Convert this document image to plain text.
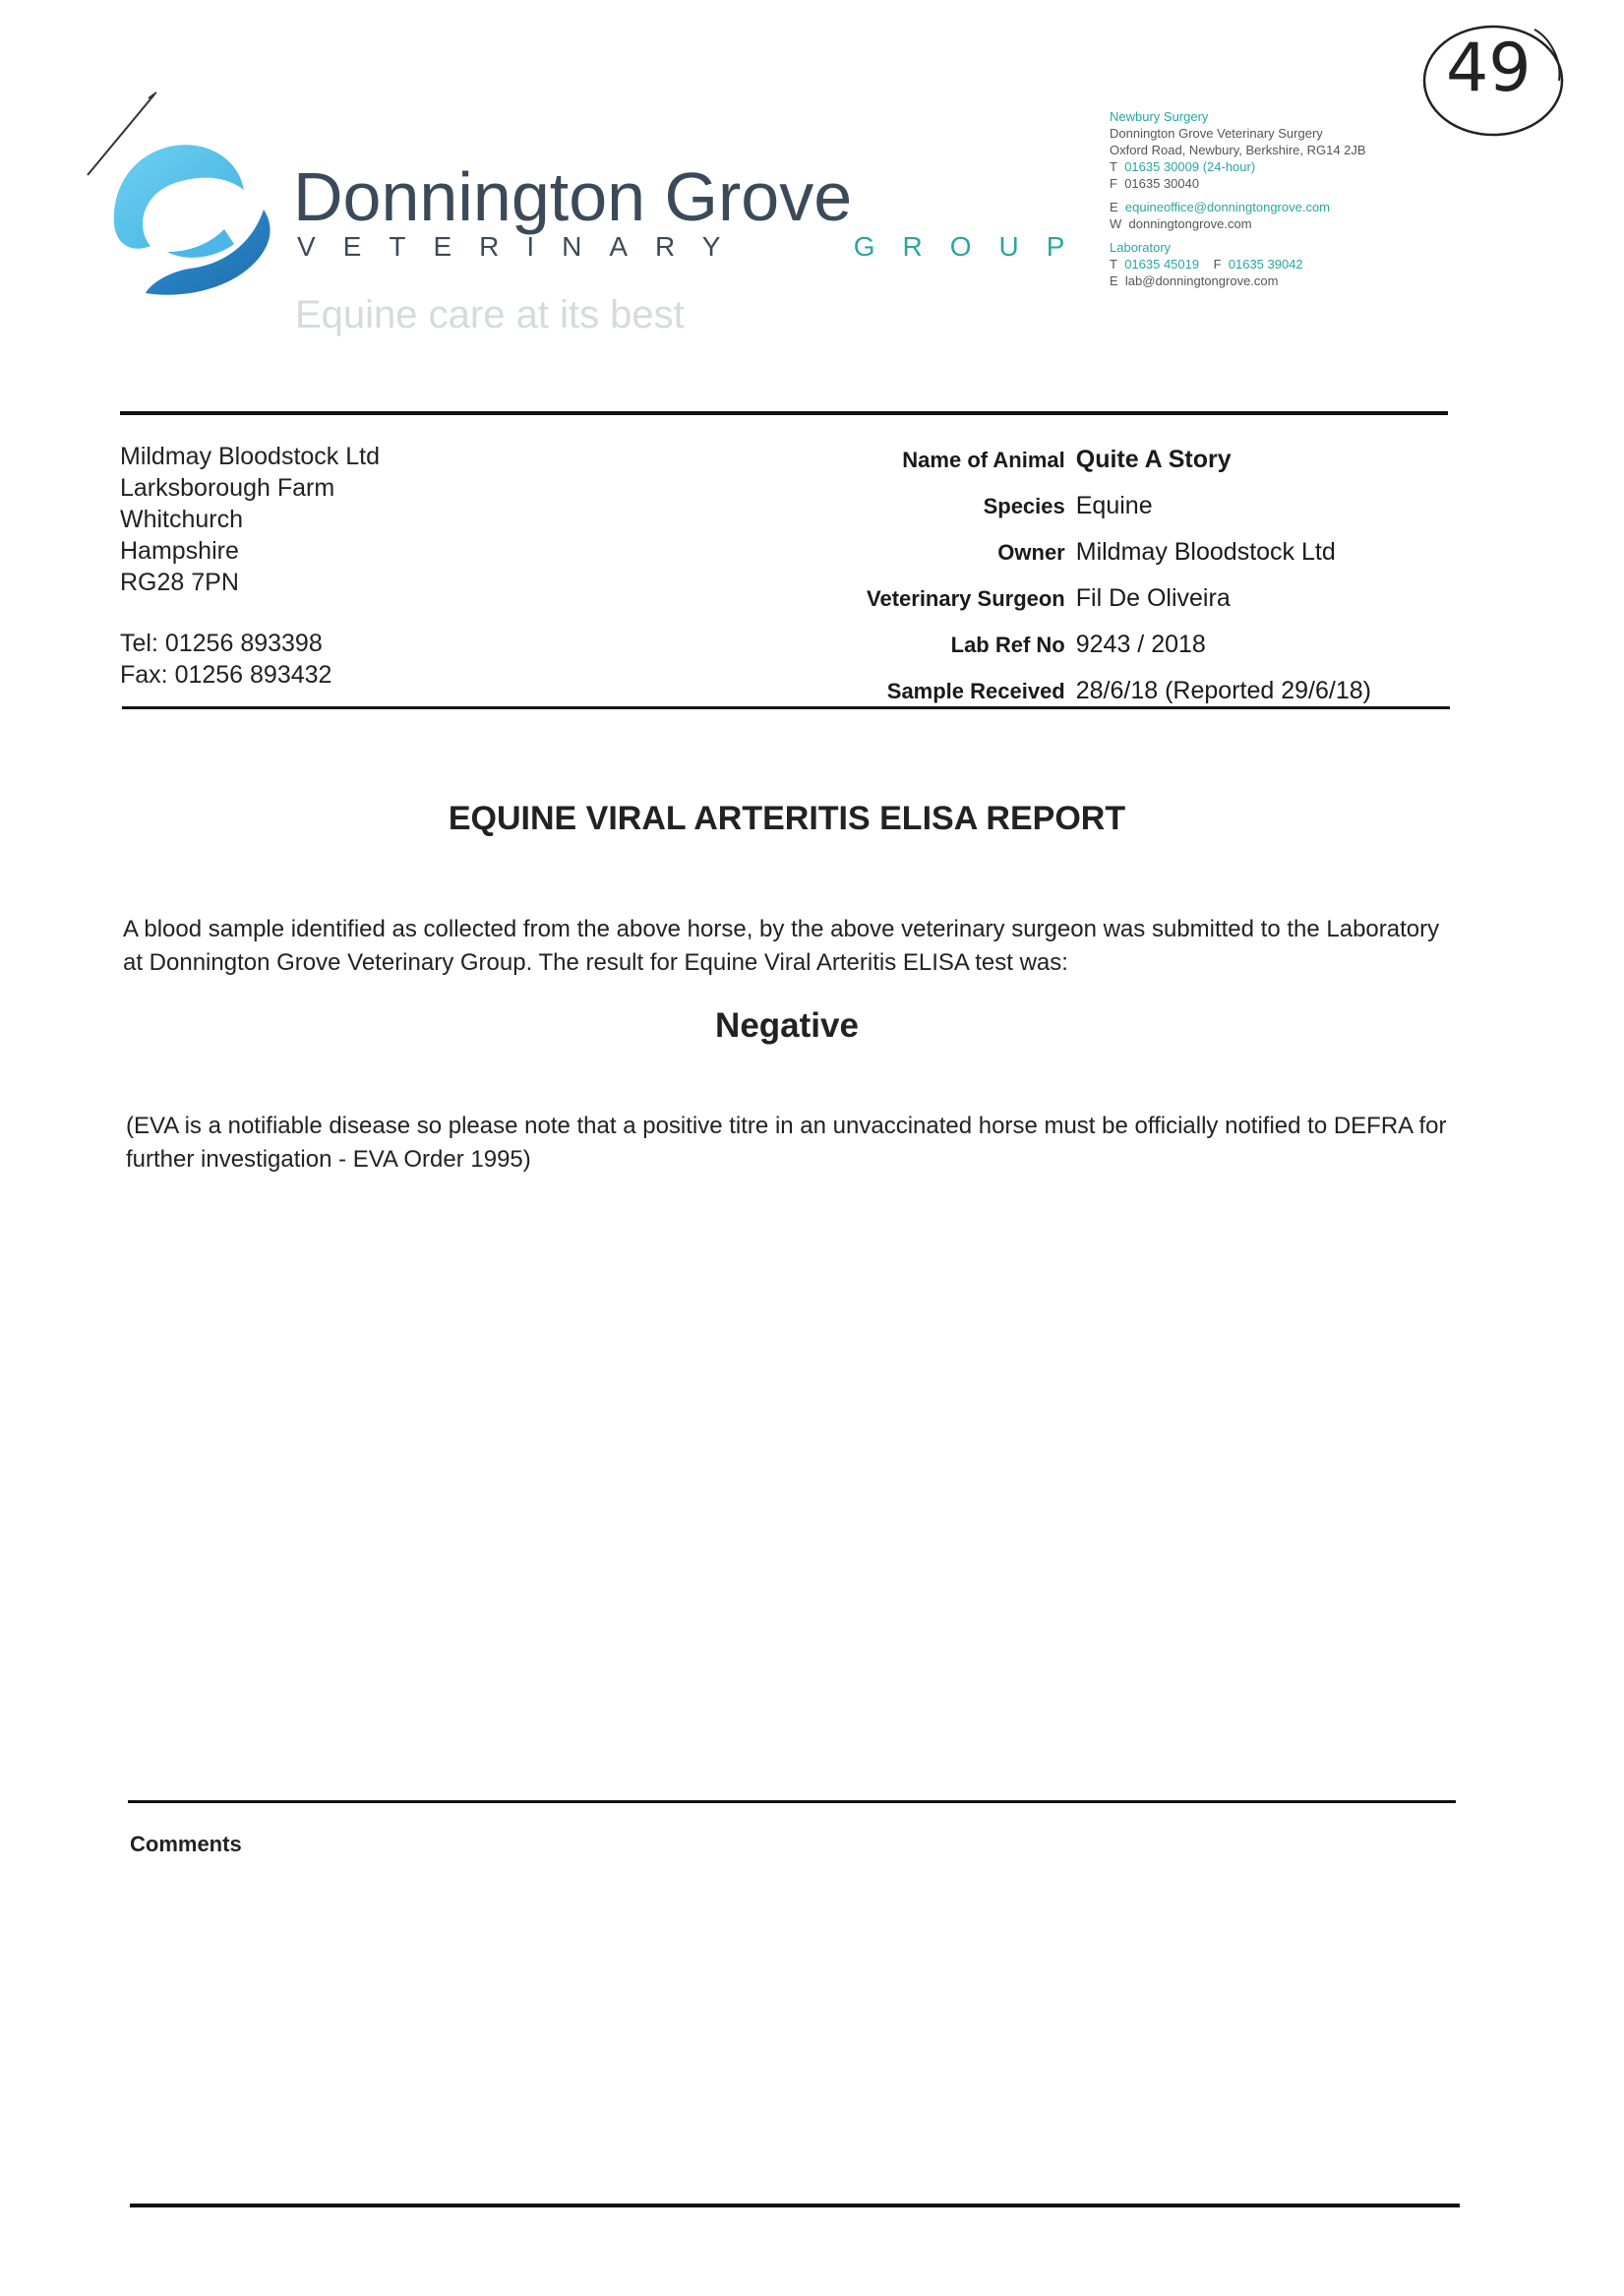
Donnington Grove
VETERINARY	GROUP
Equine care at its best
Newbury Surgery
Donnington Grove Veterinary Surgery
Oxford Road, Newbury, Berkshire, RG14 2JB
T 01635 30009 (24-hour)
F 01635 30040
E equineoffice@donningtongrove.com
W donningtongrove.com
Laboratory
T 01635 45019 F 01635 39042
E lab@donningtongrove.com
49
Mildmay Bloodstock Ltd
Larksborough Farm
Whitchurch
Hampshire
RG28 7PN
Tel: 01256 893398
Fax: 01256 893432
Name of Animal	Quite A Story
Species	Equine
Owner	Mildmay Bloodstock Ltd
Veterinary Surgeon	Fil De Oliveira
Lab Ref No	9243 / 2018
Sample Received	28/6/18 (Reported 29/6/18)
EQUINE VIRAL ARTERITIS ELISA REPORT
A blood sample identified as collected from the above horse, by the above veterinary surgeon was submitted to the Laboratory at Donnington Grove Veterinary Group. The result for Equine Viral Arteritis ELISA test was:
Negative
(EVA is a notifiable disease so please note that a positive titre in an unvaccinated horse must be officially notified to DEFRA for further investigation - EVA Order 1995)
Comments
